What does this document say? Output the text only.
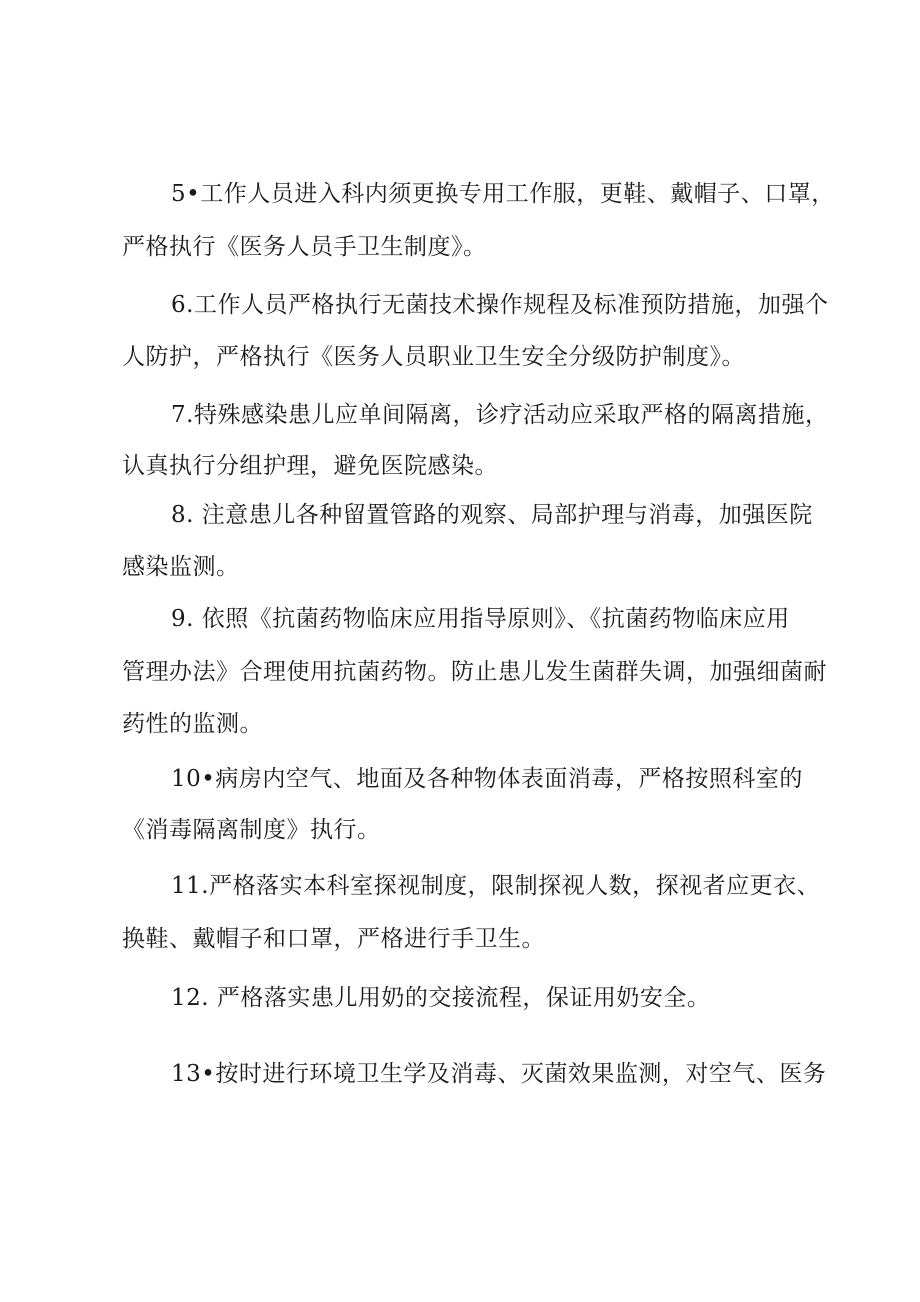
5•工作人员进入科内须更换专用工作服，更鞋、戴帽子、口罩，
严格执行《医务人员手卫生制度》。
6.工作人员严格执行无菌技术操作规程及标准预防措施，加强个
人防护，严格执行《医务人员职业卫生安全分级防护制度》。
7.特殊感染患儿应单间隔离，诊疗活动应采取严格的隔离措施，
认真执行分组护理，避免医院感染。
8. 注意患儿各种留置管路的观察、局部护理与消毒，加强医院
感染监测。
9. 依照《抗菌药物临床应用指导原则》、《抗菌药物临床应用
管理办法》合理使用抗菌药物。防止患儿发生菌群失调，加强细菌耐
药性的监测。
10•病房内空气、地面及各种物体表面消毒，严格按照科室的
《消毒隔离制度》执行。
11.严格落实本科室探视制度，限制探视人数，探视者应更衣、
换鞋、戴帽子和口罩，严格进行手卫生。
12. 严格落实患儿用奶的交接流程，保证用奶安全。
13•按时进行环境卫生学及消毒、灭菌效果监测，对空气、医务
